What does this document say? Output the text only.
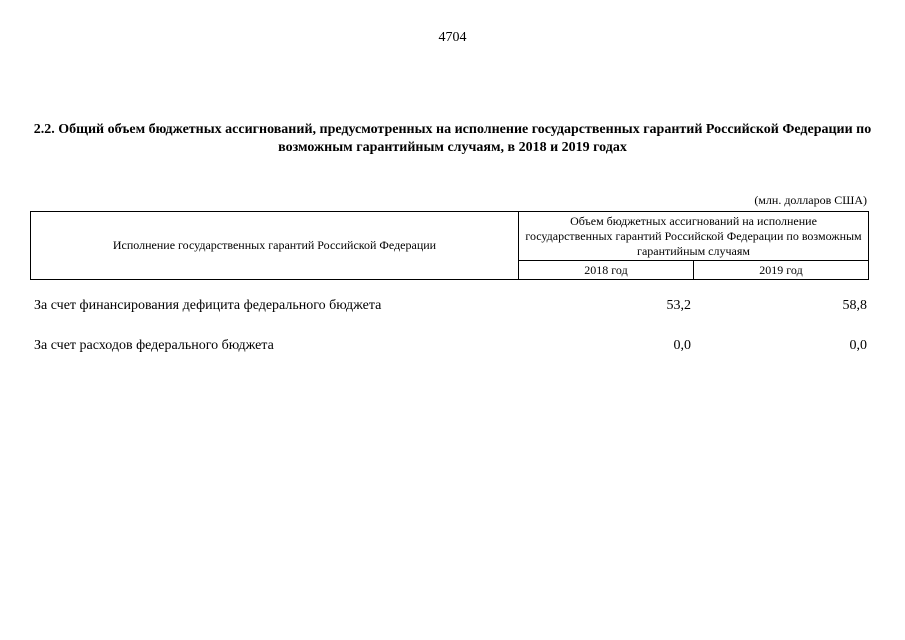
4704
2.2. Общий объем бюджетных ассигнований, предусмотренных на исполнение государственных гарантий Российской Федерации по возможным гарантийным случаям, в 2018 и 2019 годах
(млн. долларов США)
Исполнение государственных гарантий Российской Федерации	Объем бюджетных ассигнований на исполнение государственных гарантий Российской Федерации по возможным гарантийным случаям	
	2018 год	2019 год
За счет финансирования дефицита федерального бюджета	53,2	58,8
За счет расходов федерального бюджета	0,0	0,0
